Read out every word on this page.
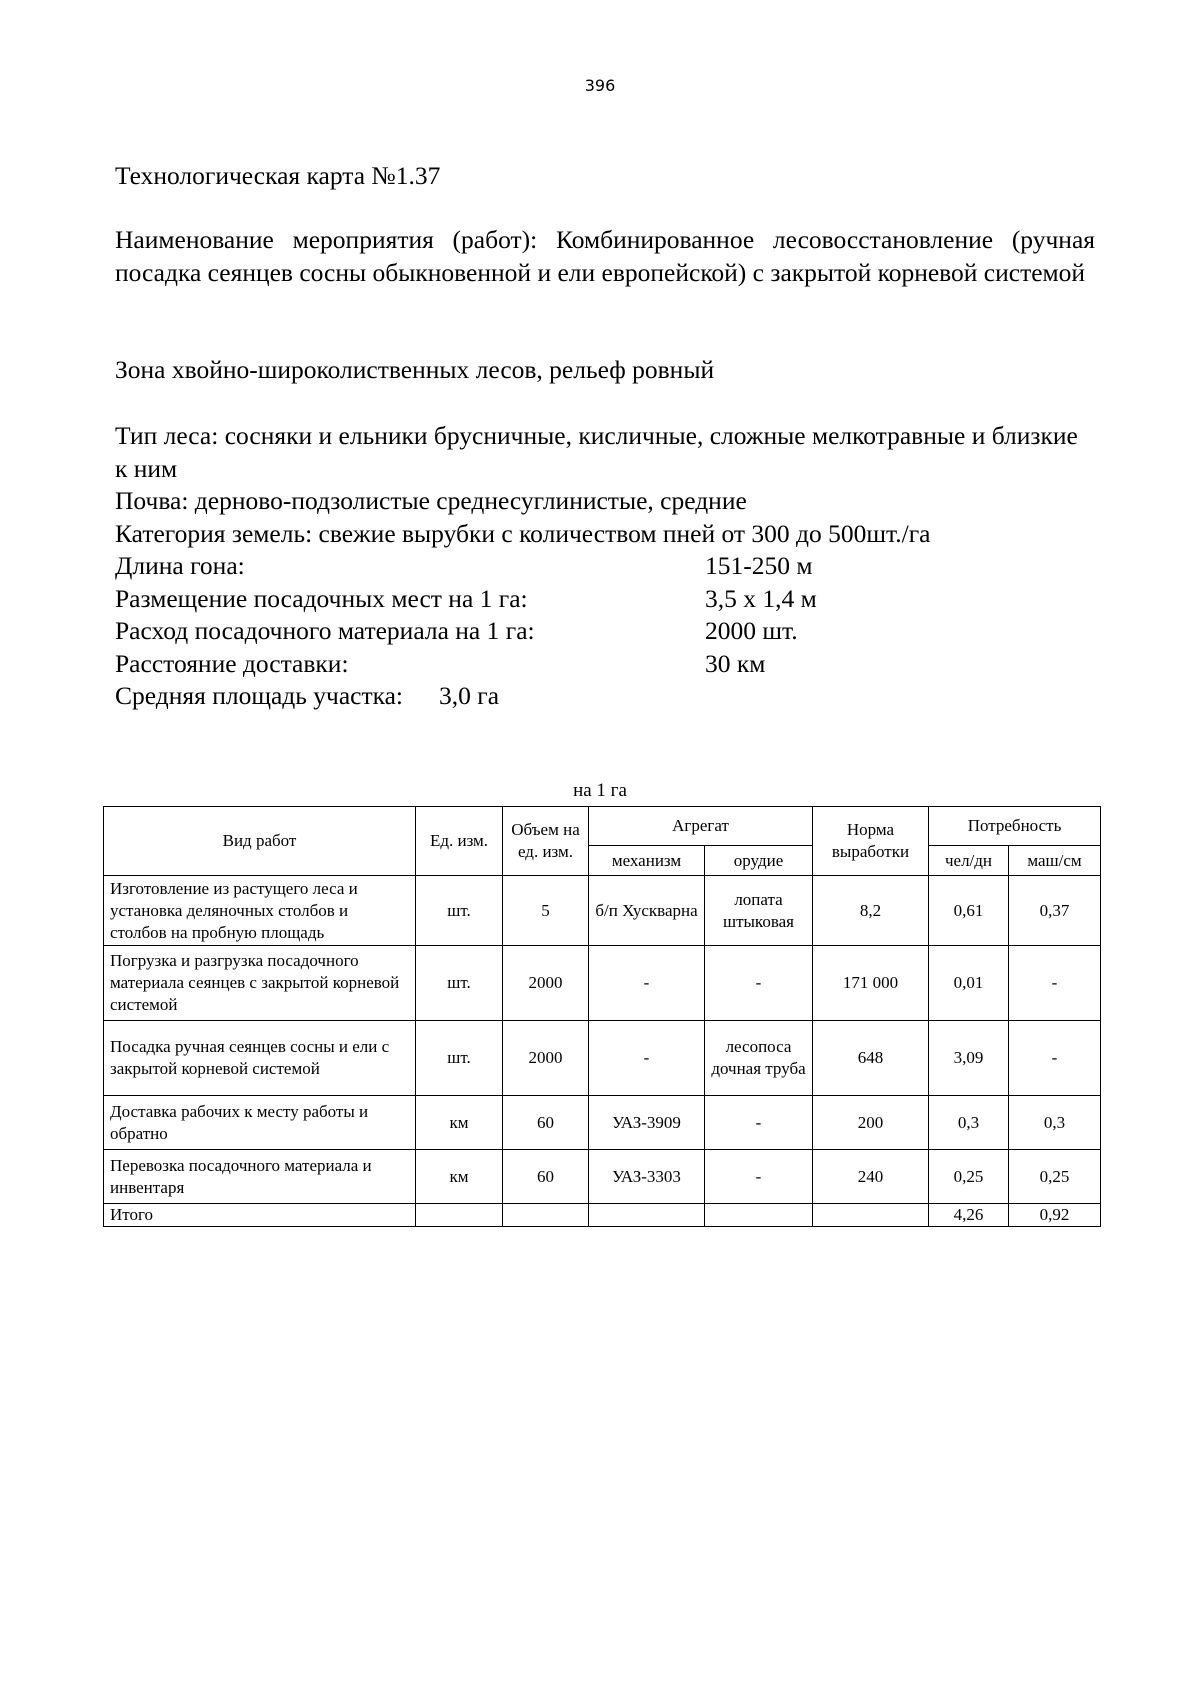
396
Технологическая карта №1.37
Наименование мероприятия (работ): Комбинированное лесовосстановление (ручная посадка сеянцев сосны обыкновенной и ели европейской) с закрытой корневой системой
Зона хвойно-широколиственных лесов, рельеф ровный
Тип леса: сосняки и ельники брусничные, кисличные, сложные мелкотравные и близкие к ним
Почва: дерново-подзолистые среднесуглинистые, средние
Категория земель: свежие вырубки с количеством пней от 300 до 500шт./га
Длина гона:	151-250 м
Размещение посадочных мест на 1 га:	3,5 х 1,4 м
Расход посадочного материала на 1 га:	2000 шт.
Расстояние доставки:	30 км
Средняя площадь участка: 3,0 га
на 1 га
Вид работ	Ед. изм.	Объем на ед. изм.	Агрегат		Норма выработки	Потребность	
			механизм	орудие		чел/дн	маш/см
Изготовление из растущего леса и установка деляночных столбов и столбов на пробную площадь	шт.	5	б/п Хускварна	лопата штыковая	8,2	0,61	0,37
Погрузка и разгрузка посадочного материала сеянцев с закрытой корневой системой	шт.	2000	-	-	171 000	0,01	-
Посадка ручная сеянцев сосны и ели с закрытой корневой системой	шт.	2000	-	лесопоса дочная труба	648	3,09	-
Доставка рабочих к месту работы и обратно	км	60	УАЗ-3909	-	200	0,3	0,3
Перевозка посадочного материала и инвентаря	км	60	УАЗ-3303	-	240	0,25	0,25
Итого						4,26	0,92
